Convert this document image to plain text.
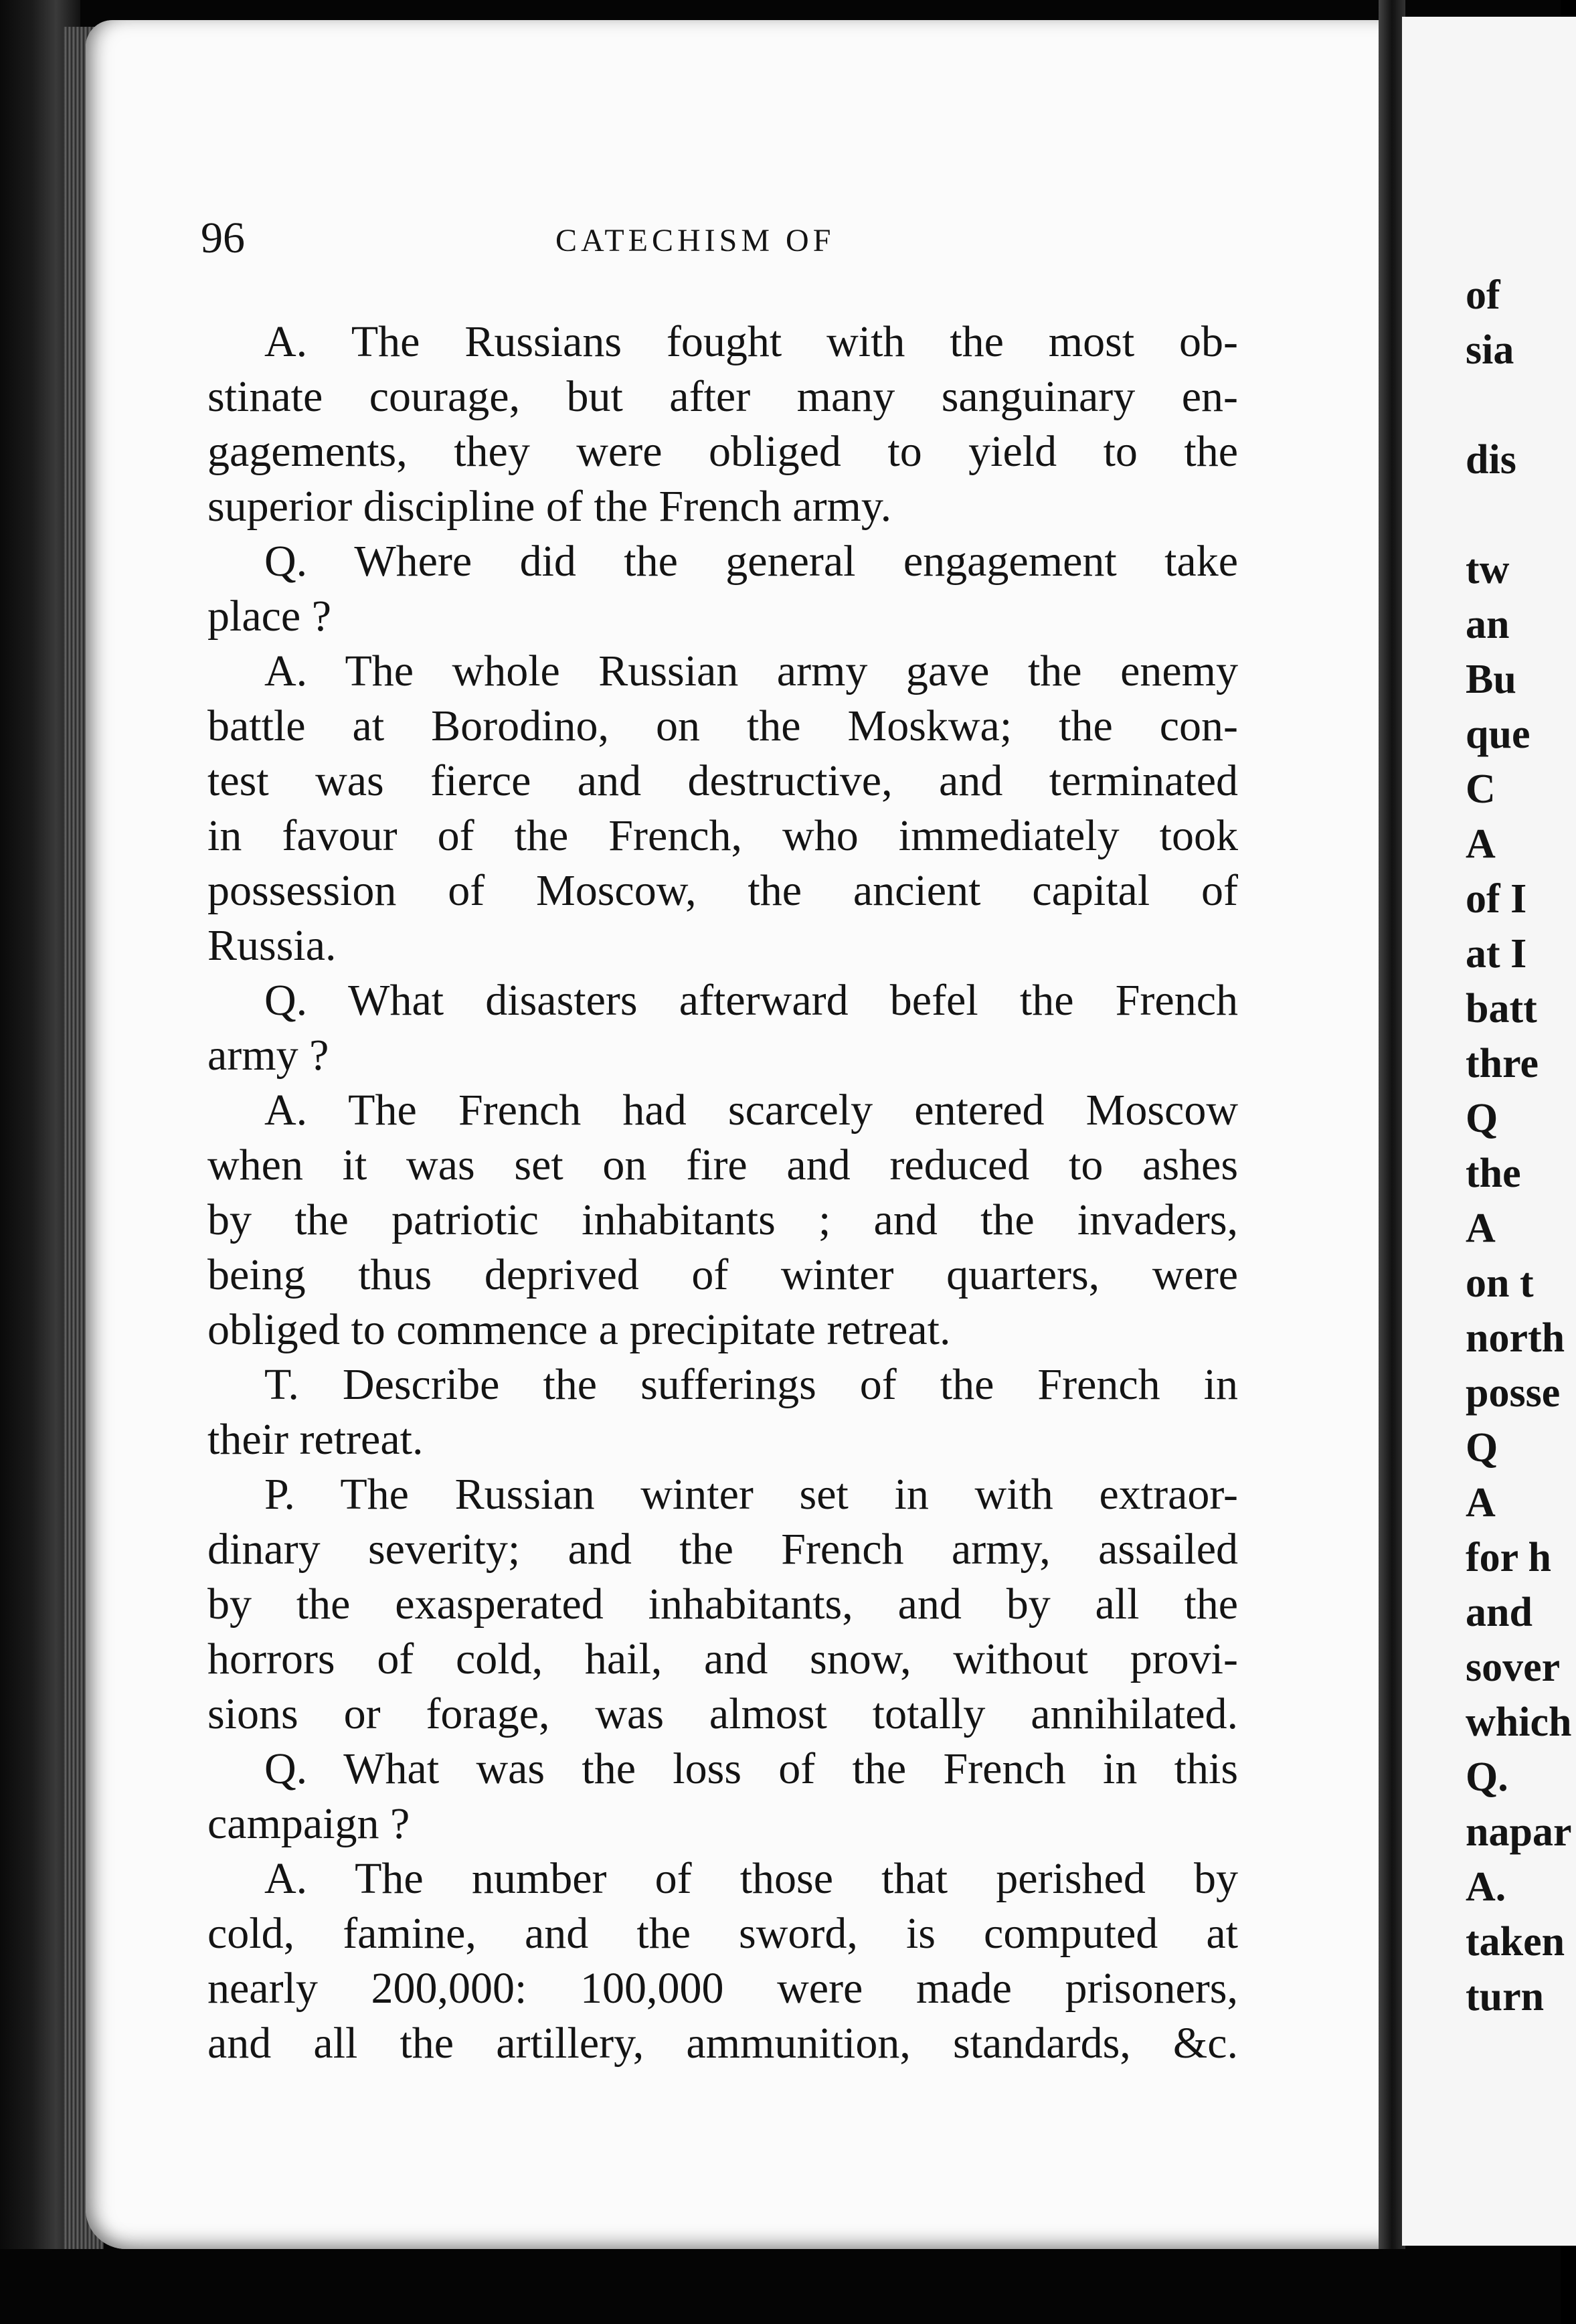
96	CATECHISM OF
A. The Russians fought with the most ob-
stinate courage, but after many sanguinary en-
gagements, they were obliged to yield to the
superior discipline of the French army.
Q. Where did the general engagement take
place ?
A. The whole Russian army gave the enemy
battle at Borodino, on the Moskwa; the con-
test was fierce and destructive, and terminated
in favour of the French, who immediately took
possession of Moscow, the ancient capital of
Russia.
Q. What disasters afterward befel the French
army ?
A. The French had scarcely entered Moscow
when it was set on fire and reduced to ashes
by the patriotic inhabitants ; and the invaders,
being thus deprived of winter quarters, were
obliged to commence a precipitate retreat.
T. Describe the sufferings of the French in
their retreat.
P. The Russian winter set in with extraor-
dinary severity; and the French army, assailed
by the exasperated inhabitants, and by all the
horrors of cold, hail, and snow, without provi-
sions or forage, was almost totally annihilated.
Q. What was the loss of the French in this
campaign ?
A. The number of those that perished by
cold, famine, and the sword, is computed at
nearly 200,000: 100,000 were made prisoners,
and all the artillery, ammunition, standards, &c.
of
sia
dis
tw
an
Bu
que
C
A
of I
at I
batt
thre
Q
the
A
on t
north
posse
Q
A
for h
and
sover
which
Q.
napar
A.
taken
turn
